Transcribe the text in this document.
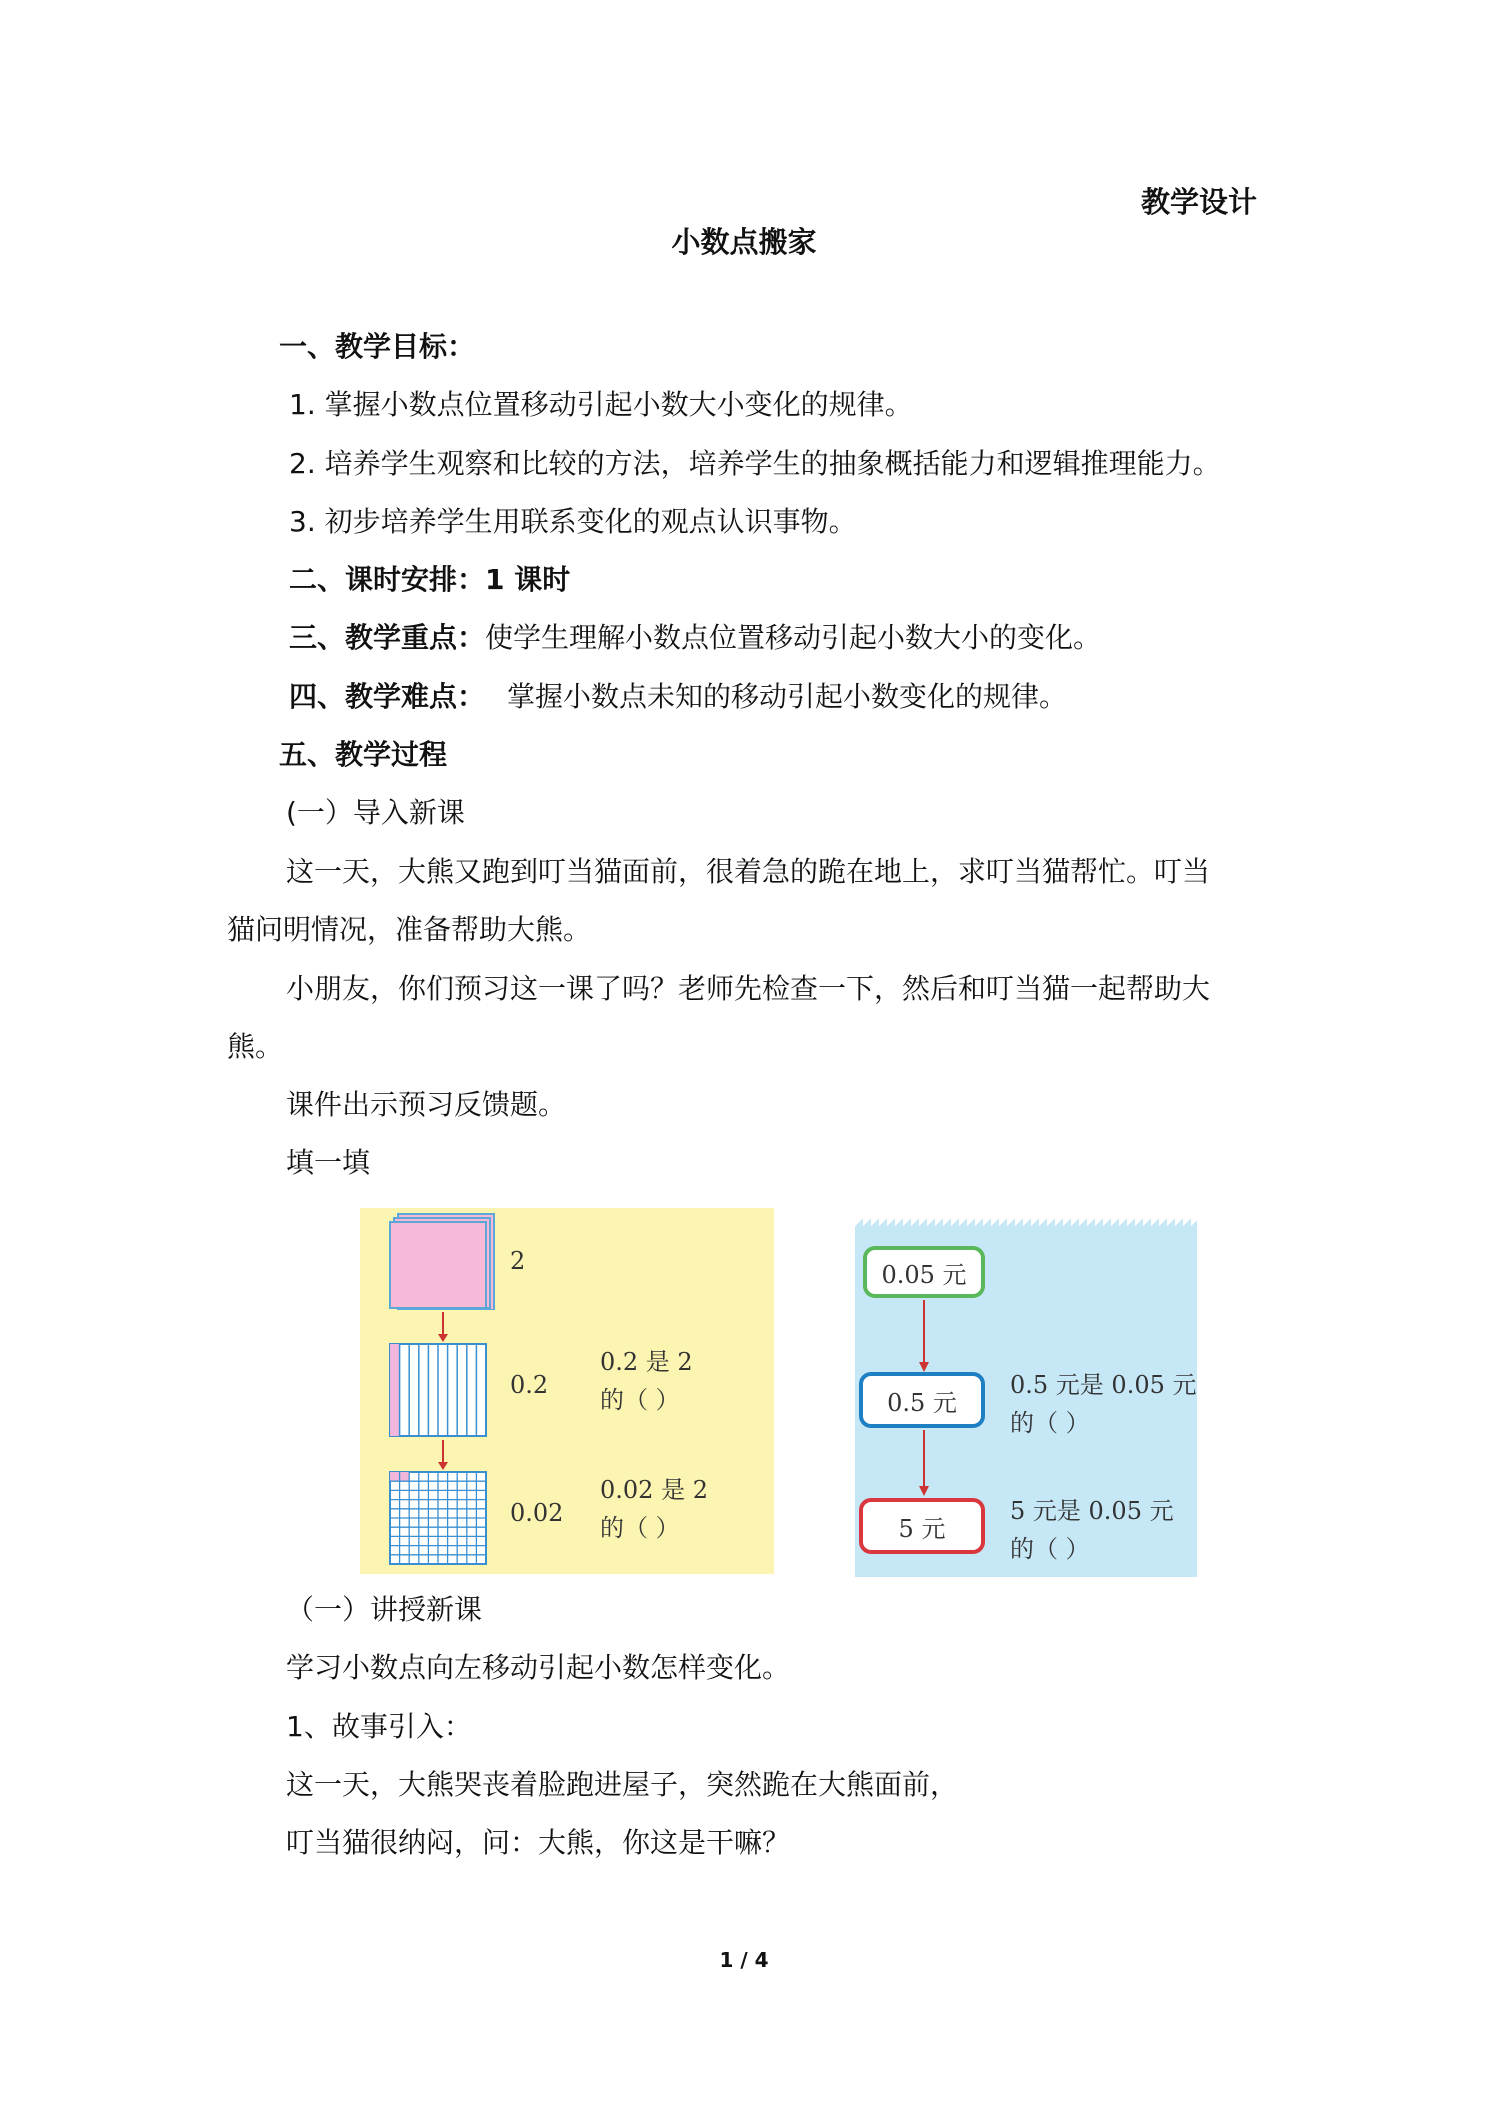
教学设计
小数点搬家
一、教学目标：
1. 掌握小数点位置移动引起小数大小变化的规律。
2. 培养学生观察和比较的方法，培养学生的抽象概括能力和逻辑推理能力。
3. 初步培养学生用联系变化的观点认识事物。
二、课时安排：1 课时
三、教学重点：使学生理解小数点位置移动引起小数大小的变化。
四、教学难点： 掌握小数点未知的移动引起小数变化的规律。
五、教学过程
(一）导入新课
这一天，大熊又跑到叮当猫面前，很着急的跪在地上，求叮当猫帮忙。叮当
猫问明情况，准备帮助大熊。
小朋友，你们预习这一课了吗？老师先检查一下，然后和叮当猫一起帮助大
熊。
课件出示预习反馈题。
填一填
2
0.2
0.2 是 2
的（ ）
0.02
0.02 是 2
的（ ）
0.05 元
0.5 元
0.5 元是 0.05 元
的（ ）
5 元
5 元是 0.05 元
的（ ）
（一）讲授新课
学习小数点向左移动引起小数怎样变化。
1、故事引入：
这一天，大熊哭丧着脸跑进屋子，突然跪在大熊面前，
叮当猫很纳闷，问：大熊，你这是干嘛？
1 / 4
